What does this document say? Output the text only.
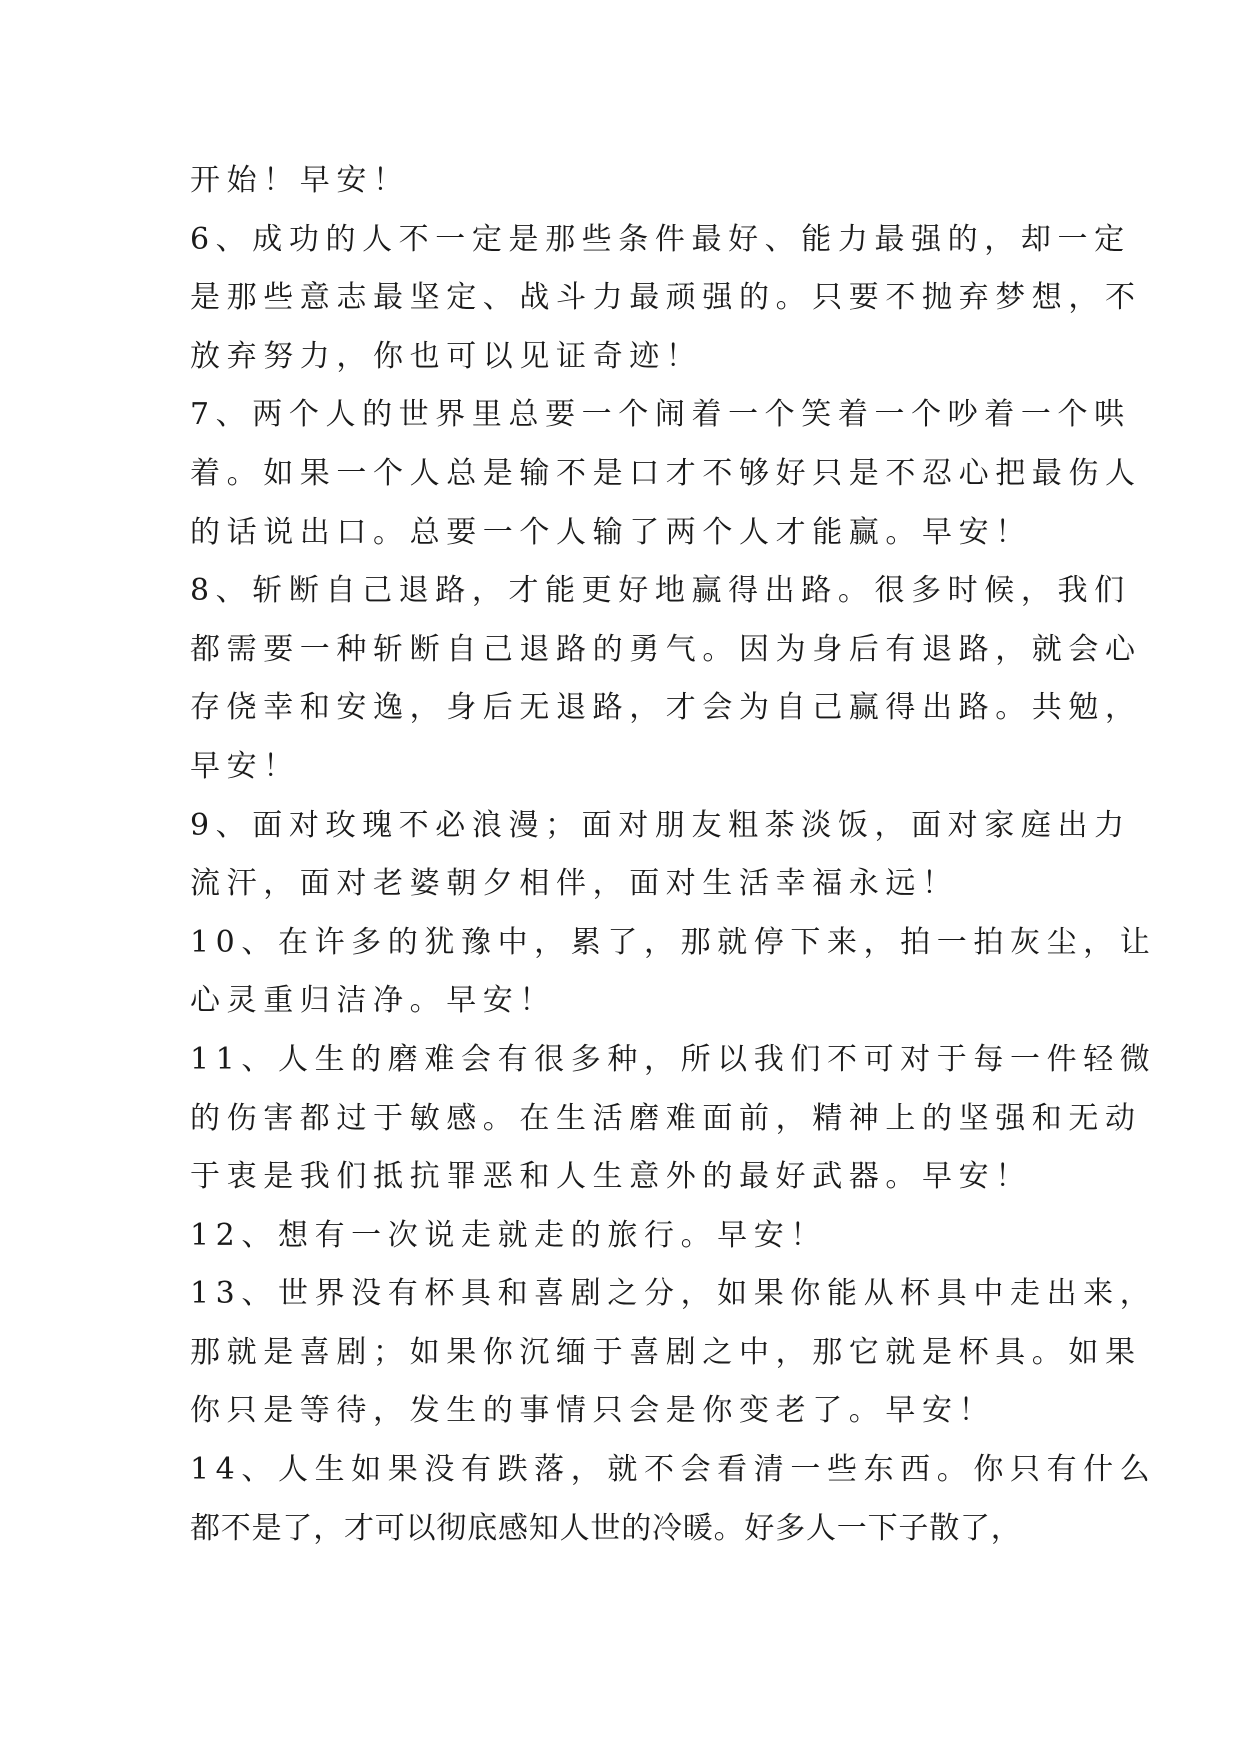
开始！早安！
6、成功的人不一定是那些条件最好、能力最强的，却一定
是那些意志最坚定、战斗力最顽强的。只要不抛弃梦想，不
放弃努力，你也可以见证奇迹！
7、两个人的世界里总要一个闹着一个笑着一个吵着一个哄
着。如果一个人总是输不是口才不够好只是不忍心把最伤人
的话说出口。总要一个人输了两个人才能赢。早安！
8、斩断自己退路，才能更好地赢得出路。很多时候，我们
都需要一种斩断自己退路的勇气。因为身后有退路，就会心
存侥幸和安逸，身后无退路，才会为自己赢得出路。共勉，
早安！
9、面对玫瑰不必浪漫；面对朋友粗茶淡饭，面对家庭出力
流汗，面对老婆朝夕相伴，面对生活幸福永远！
10、在许多的犹豫中，累了，那就停下来，拍一拍灰尘，让
心灵重归洁净。早安！
11、人生的磨难会有很多种，所以我们不可对于每一件轻微
的伤害都过于敏感。在生活磨难面前，精神上的坚强和无动
于衷是我们抵抗罪恶和人生意外的最好武器。早安！
12、想有一次说走就走的旅行。早安！
13、世界没有杯具和喜剧之分，如果你能从杯具中走出来，
那就是喜剧；如果你沉缅于喜剧之中，那它就是杯具。如果
你只是等待，发生的事情只会是你变老了。早安！
14、人生如果没有跌落，就不会看清一些东西。你只有什么
都不是了，才可以彻底感知人世的冷暖。好多人一下子散了，
